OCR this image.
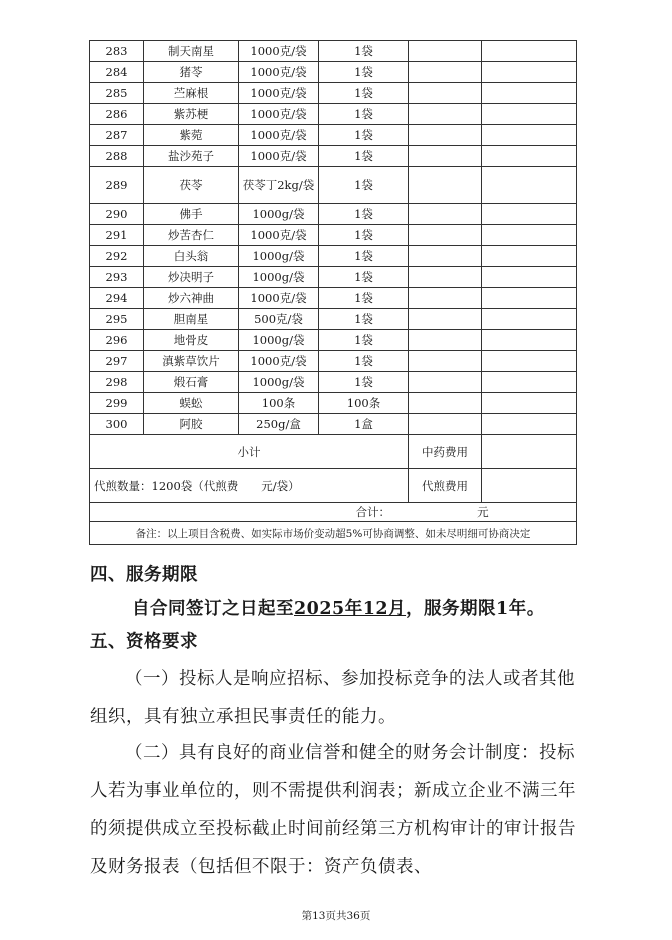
283	制天南星	1000克/袋	1袋		
284	猪苓	1000克/袋	1袋		
285	苎麻根	1000克/袋	1袋		
286	紫苏梗	1000克/袋	1袋		
287	紫菀	1000克/袋	1袋		
288	盐沙苑子	1000克/袋	1袋		
289	茯苓	茯苓丁2kg/袋	1袋		
290	佛手	1000g/袋	1袋		
291	炒苦杏仁	1000克/袋	1袋		
292	白头翁	1000g/袋	1袋		
293	炒决明子	1000g/袋	1袋		
294	炒六神曲	1000克/袋	1袋		
295	胆南星	500克/袋	1袋		
296	地骨皮	1000g/袋	1袋		
297	滇紫草饮片	1000克/袋	1袋		
298	煅石膏	1000g/袋	1袋		
299	蜈蚣	100条	100条		
300	阿胶	250g/盒	1盒		
小计				中药费用	
代煎数量：1200袋（代煎费　　元/袋）				代煎费用	
合计： 元					
备注：以上项目含税费、如实际市场价变动超5%可协商调整、如未尽明细可协商决定					
四、服务期限
自合同签订之日起至2025年12月，服务期限1年。
五、资格要求
（一）投标人是响应招标、参加投标竞争的法人或者其他组织，具有独立承担民事责任的能力。
（二）具有良好的商业信誉和健全的财务会计制度：投标人若为事业单位的，则不需提供利润表；新成立企业不满三年的须提供成立至投标截止时间前经第三方机构审计的审计报告及财务报表（包括但不限于：资产负债表、
第13页共36页
